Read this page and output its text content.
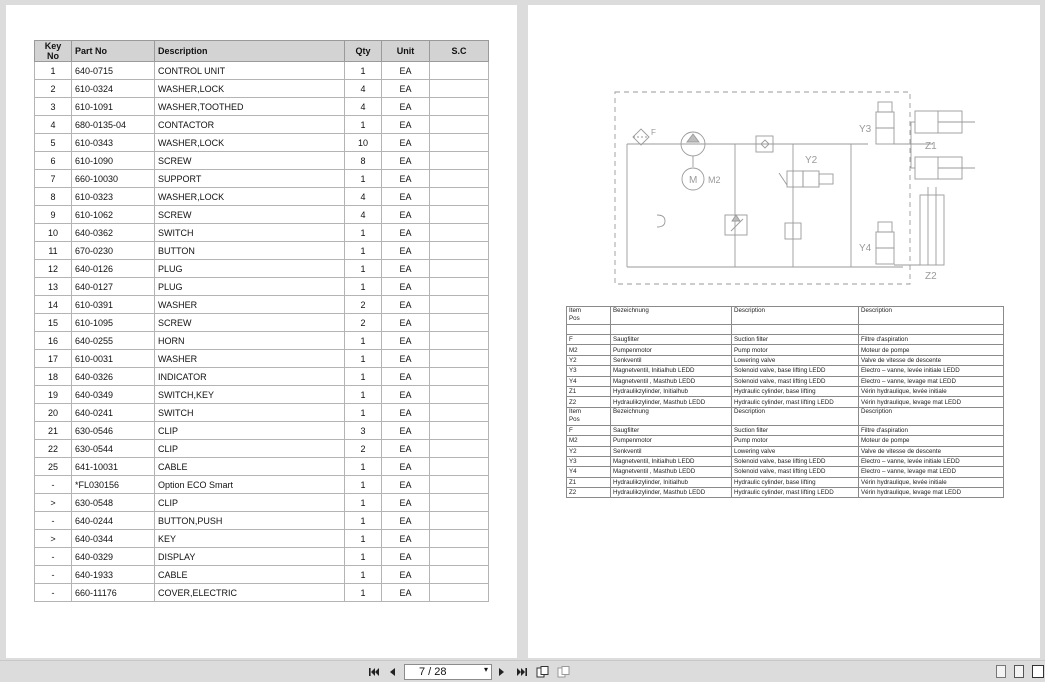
Key No	Part No	Description	Qty	Unit	S.C
1	640-0715	CONTROL UNIT	1	EA	
2	610-0324	WASHER,LOCK	4	EA	
3	610-1091	WASHER,TOOTHED	4	EA	
4	680-0135-04	CONTACTOR	1	EA	
5	610-0343	WASHER,LOCK	10	EA	
6	610-1090	SCREW	8	EA	
7	660-10030	SUPPORT	1	EA	
8	610-0323	WASHER,LOCK	4	EA	
9	610-1062	SCREW	4	EA	
10	640-0362	SWITCH	1	EA	
11	670-0230	BUTTON	1	EA	
12	640-0126	PLUG	1	EA	
13	640-0127	PLUG	1	EA	
14	610-0391	WASHER	2	EA	
15	610-1095	SCREW	2	EA	
16	640-0255	HORN	1	EA	
17	610-0031	WASHER	1	EA	
18	640-0326	INDICATOR	1	EA	
19	640-0349	SWITCH,KEY	1	EA	
20	640-0241	SWITCH	1	EA	
21	630-0546	CLIP	3	EA	
22	630-0544	CLIP	2	EA	
25	641-10031	CABLE	1	EA	
-	*FL030156	Option ECO Smart	1	EA	
>	630-0548	CLIP	1	EA	
-	640-0244	BUTTON,PUSH	1	EA	
>	640-0344	KEY	1	EA	
-	640-0329	DISPLAY	1	EA	
-	640-1933	CABLE	1	EA	
-	660-11176	COVER,ELECTRIC	1	EA	
F
M M2
Y2
Y3
Y4
Z1
Z2
Item
Pos	Bezeichnung	Description	Description

F	Saugfilter	Suction filter	Filtre d'aspiration
M2	Pumpenmotor	Pump motor	Moteur de pompe
Y2	Senkventil	Lowering valve	Valve de vitesse de descente
Y3	Magnetventil, Initialhub LEDD	Solenoid valve, base lifting LEDD	Electro – vanne, levée initiale LEDD
Y4	Magnetventil , Masthub LEDD	Solenoid valve, mast lifting LEDD	Electro – vanne, levage mat LEDD
Z1	Hydraulikzylinder, Initialhub	Hydraulic cylinder, base lifting	Vérin hydraulique, levée initiale
Z2	Hydraulikzylinder, Masthub LEDD	Hydraulic cylinder, mast lifting LEDD	Vérin hydraulique, levage mat LEDD
Item
Pos	Bezeichnung	Description	Description
F	Saugfilter	Suction filter	Filtre d'aspiration
M2	Pumpenmotor	Pump motor	Moteur de pompe
Y2	Senkventil	Lowering valve	Valve de vitesse de descente
Y3	Magnetventil, Initialhub LEDD	Solenoid valve, base lifting LEDD	Electro – vanne, levée initiale LEDD
Y4	Magnetventil , Masthub LEDD	Solenoid valve, mast lifting LEDD	Electro – vanne, levage mat LEDD
Z1	Hydraulikzylinder, Initialhub	Hydraulic cylinder, base lifting	Vérin hydraulique, levée initiale
Z2	Hydraulikzylinder, Masthub LEDD	Hydraulic cylinder, mast lifting LEDD	Vérin hydraulique, levage mat LEDD
7 / 28	▾
